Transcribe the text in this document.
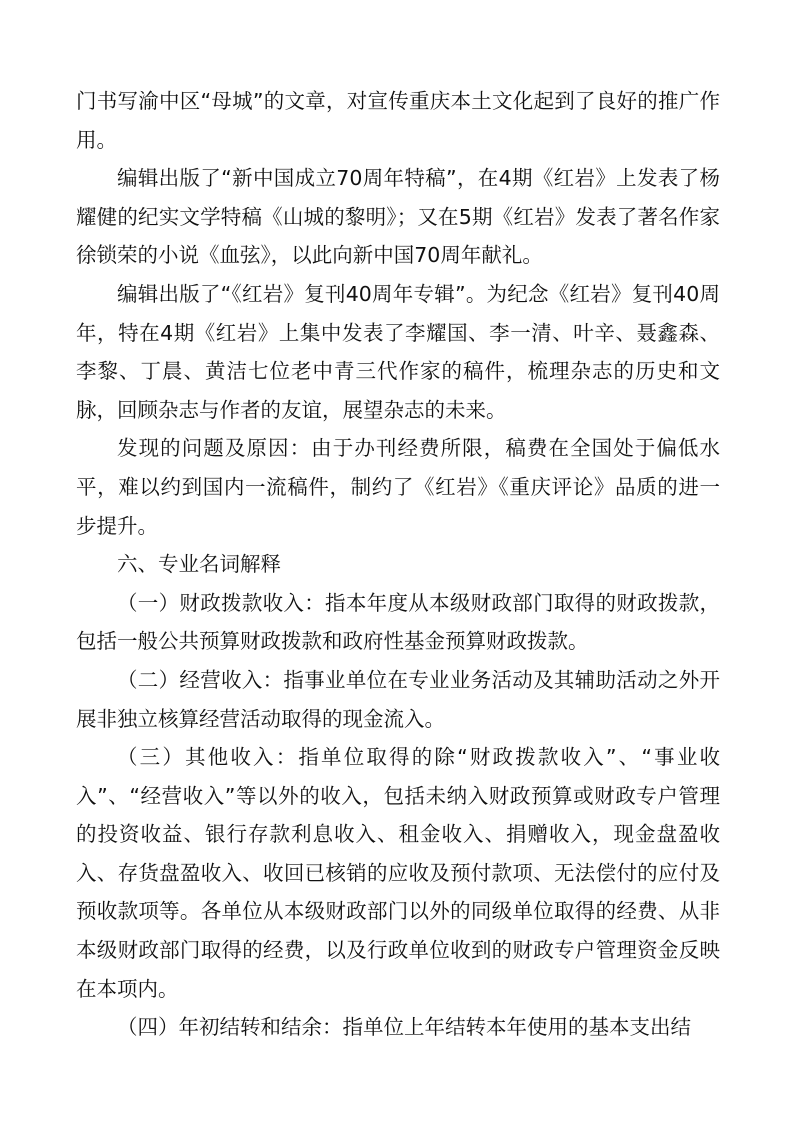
门书写渝中区“母城”的文章，对宣传重庆本土文化起到了良好的推广作用。

编辑出版了“新中国成立70周年特稿”，在4期《红岩》上发表了杨耀健的纪实文学特稿《山城的黎明》；又在5期《红岩》发表了著名作家徐锁荣的小说《血弦》，以此向新中国70周年献礼。

编辑出版了“《红岩》复刊40周年专辑”。为纪念《红岩》复刊40周年，特在4期《红岩》上集中发表了李耀国、李一清、叶辛、聂鑫森、李黎、丁晨、黄洁七位老中青三代作家的稿件，梳理杂志的历史和文脉，回顾杂志与作者的友谊，展望杂志的未来。

发现的问题及原因：由于办刊经费所限，稿费在全国处于偏低水平，难以约到国内一流稿件，制约了《红岩》《重庆评论》品质的进一步提升。

六、专业名词解释

（一）财政拨款收入：指本年度从本级财政部门取得的财政拨款，包括一般公共预算财政拨款和政府性基金预算财政拨款。

（二）经营收入：指事业单位在专业业务活动及其辅助活动之外开展非独立核算经营活动取得的现金流入。

（三）其他收入：指单位取得的除“财政拨款收入”、“事业收入”、“经营收入”等以外的收入，包括未纳入财政预算或财政专户管理的投资收益、银行存款利息收入、租金收入、捐赠收入，现金盘盈收入、存货盘盈收入、收回已核销的应收及预付款项、无法偿付的应付及预收款项等。各单位从本级财政部门以外的同级单位取得的经费、从非本级财政部门取得的经费，以及行政单位收到的财政专户管理资金反映在本项内。

（四）年初结转和结余：指单位上年结转本年使用的基本支出结
